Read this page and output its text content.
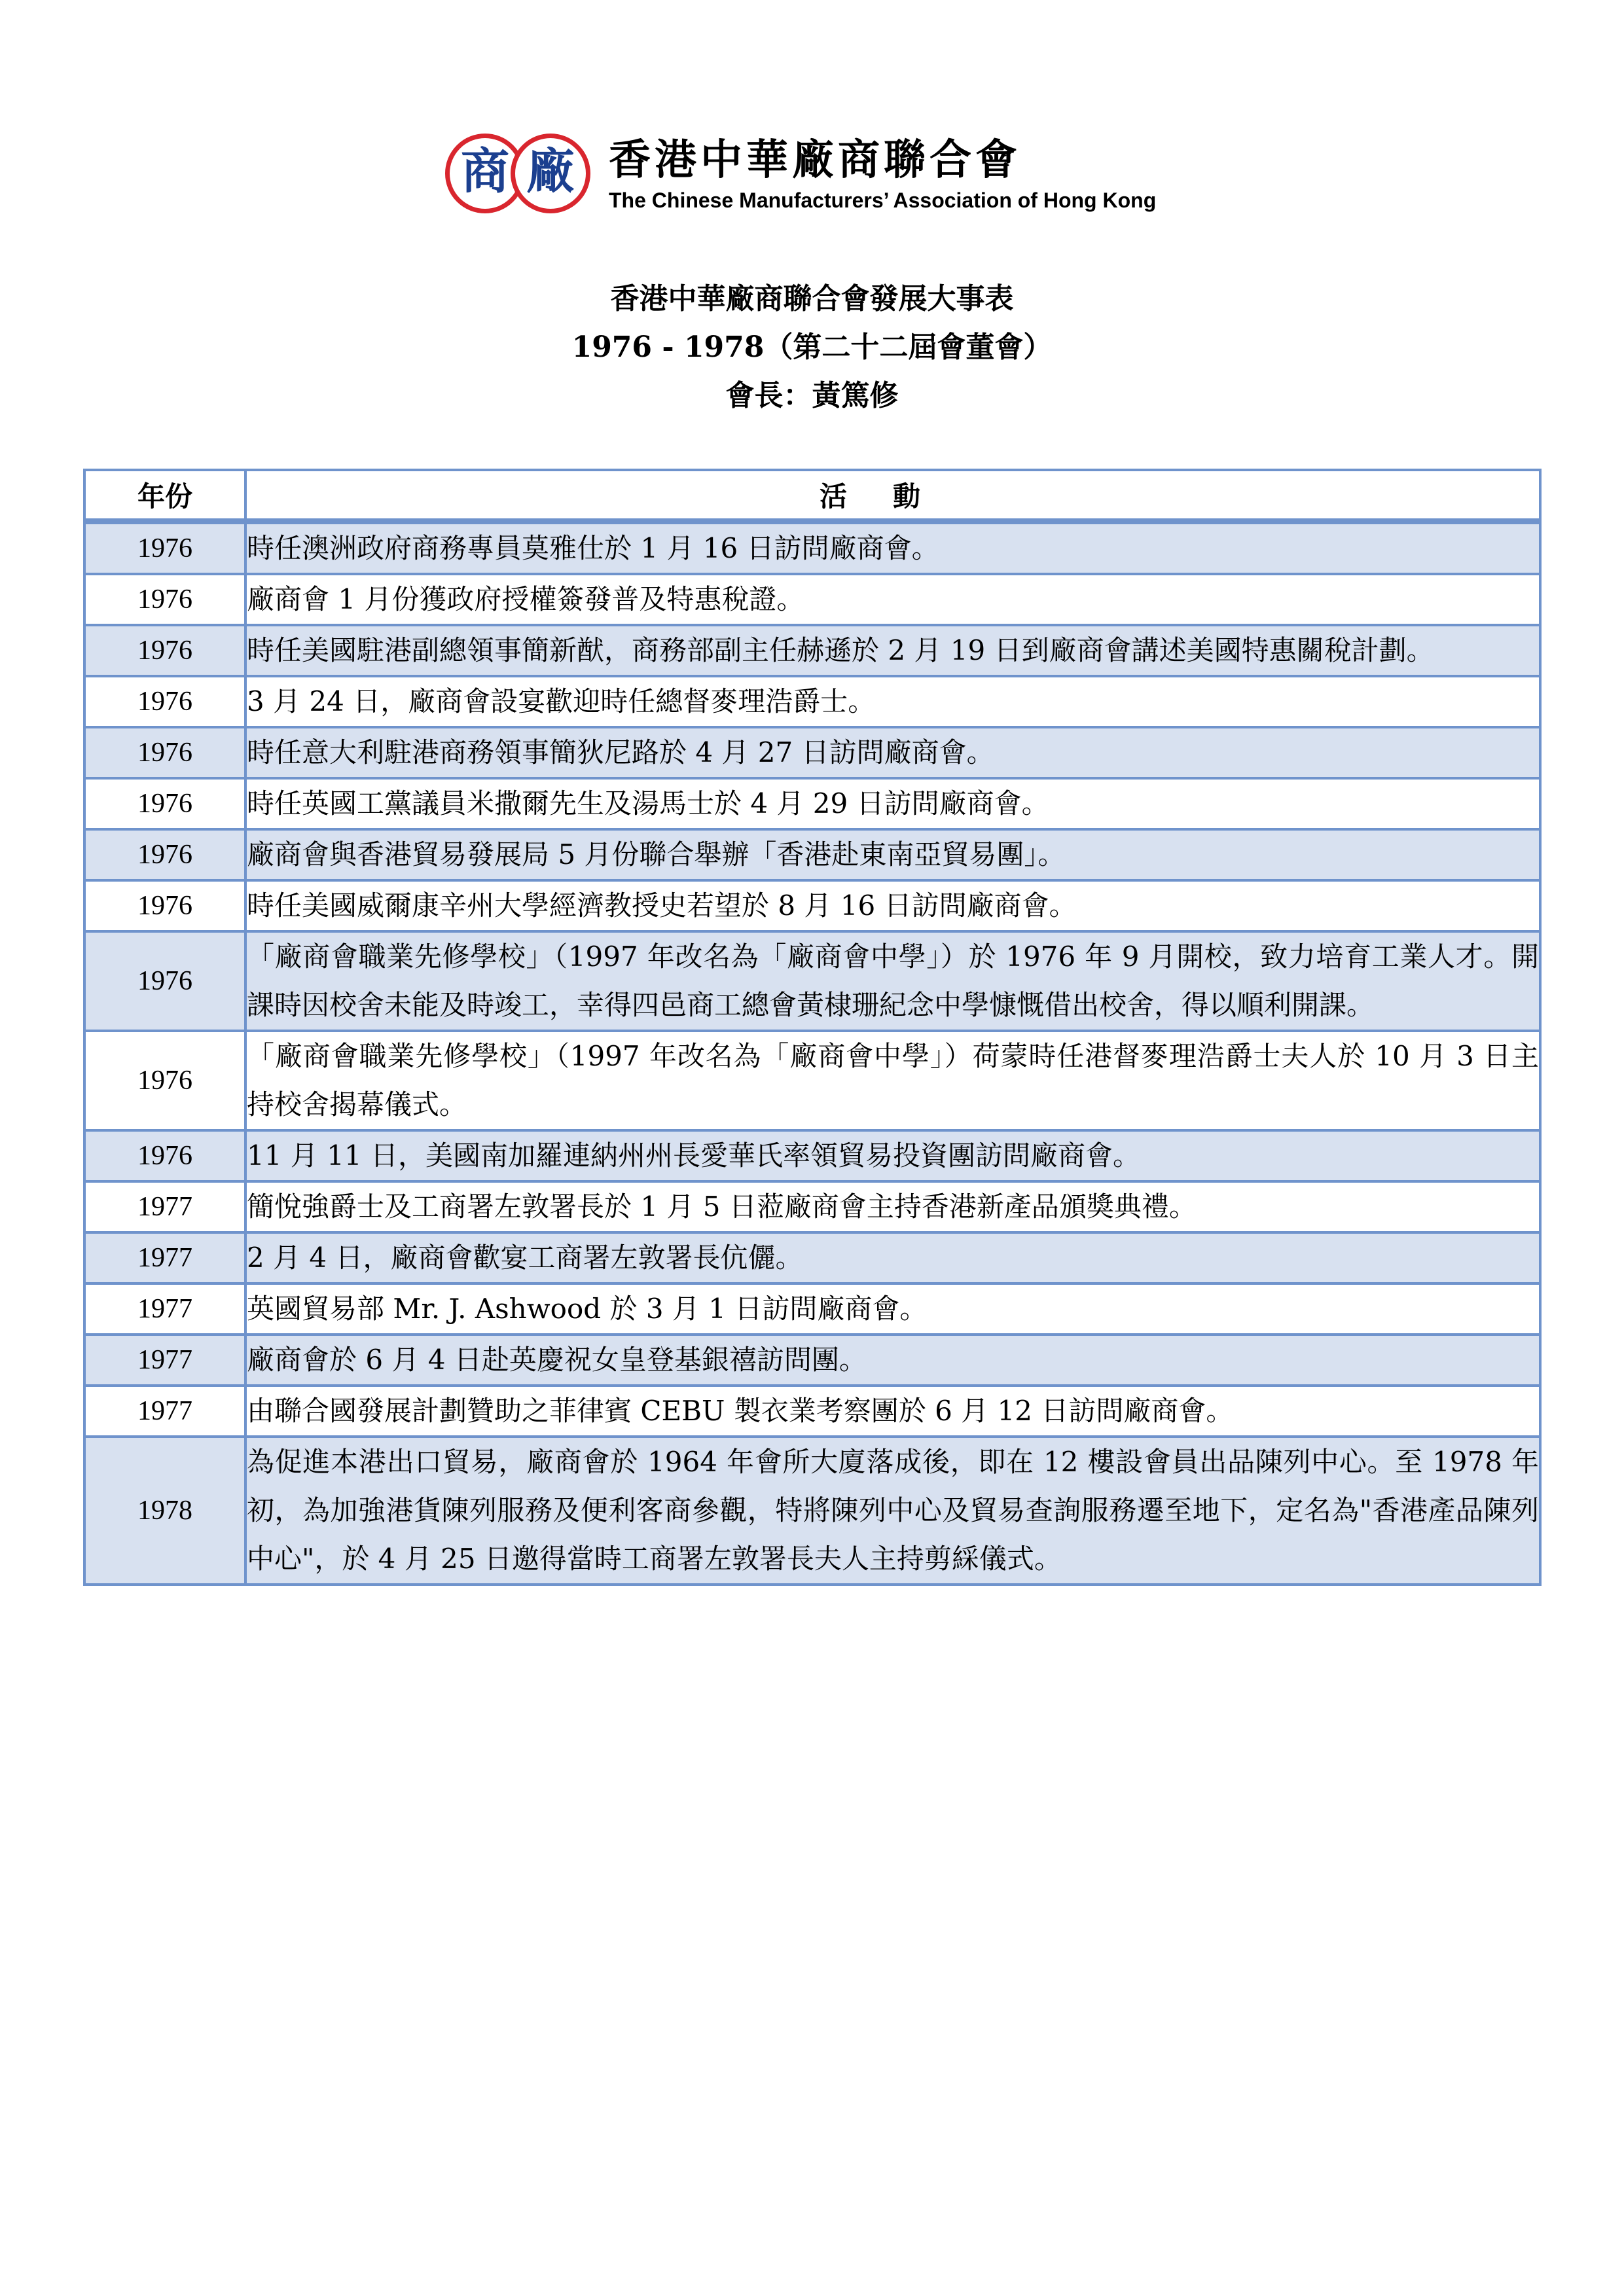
商 廠 香港中華廠商聯合會
The Chinese Manufacturers’ Association of Hong Kong
香港中華廠商聯合會發展大事表
1976 - 1978（第二十二屆會董會）
會長：黃篤修
年份	活動
1976	時任澳洲政府商務專員莫雅仕於 1 月 16 日訪問廠商會。
1976	廠商會 1 月份獲政府授權簽發普及特惠稅證。
1976	時任美國駐港副總領事簡新猷，商務部副主任赫遜於 2 月 19 日到廠商會講述美國特惠關稅計劃。
1976	3 月 24 日，廠商會設宴歡迎時任總督麥理浩爵士。
1976	時任意大利駐港商務領事簡狄尼路於 4 月 27 日訪問廠商會。
1976	時任英國工黨議員米撒爾先生及湯馬士於 4 月 29 日訪問廠商會。
1976	廠商會與香港貿易發展局 5 月份聯合舉辦「香港赴東南亞貿易團」。
1976	時任美國威爾康辛州大學經濟教授史若望於 8 月 16 日訪問廠商會。
1976	「廠商會職業先修學校」（1997 年改名為「廠商會中學」）於 1976 年 9 月開校，致力培育工業人才。開課時因校舍未能及時竣工，幸得四邑商工總會黃棣珊紀念中學慷慨借出校舍，得以順利開課。
1976	「廠商會職業先修學校」（1997 年改名為「廠商會中學」）荷蒙時任港督麥理浩爵士夫人於 10 月 3 日主持校舍揭幕儀式。
1976	11 月 11 日，美國南加羅連納州州長愛華氏率領貿易投資團訪問廠商會。
1977	簡悅強爵士及工商署左敦署長於 1 月 5 日蒞廠商會主持香港新產品頒獎典禮。
1977	2 月 4 日，廠商會歡宴工商署左敦署長伉儷。
1977	英國貿易部 Mr. J. Ashwood 於 3 月 1 日訪問廠商會。
1977	廠商會於 6 月 4 日赴英慶祝女皇登基銀禧訪問團。
1977	由聯合國發展計劃贊助之菲律賓 CEBU 製衣業考察團於 6 月 12 日訪問廠商會。
1978	為促進本港出口貿易，廠商會於 1964 年會所大廈落成後，即在 12 樓設會員出品陳列中心。至 1978 年初，為加強港貨陳列服務及便利客商參觀，特將陳列中心及貿易查詢服務遷至地下，定名為"香港產品陳列中心"，於 4 月 25 日邀得當時工商署左敦署長夫人主持剪綵儀式。
